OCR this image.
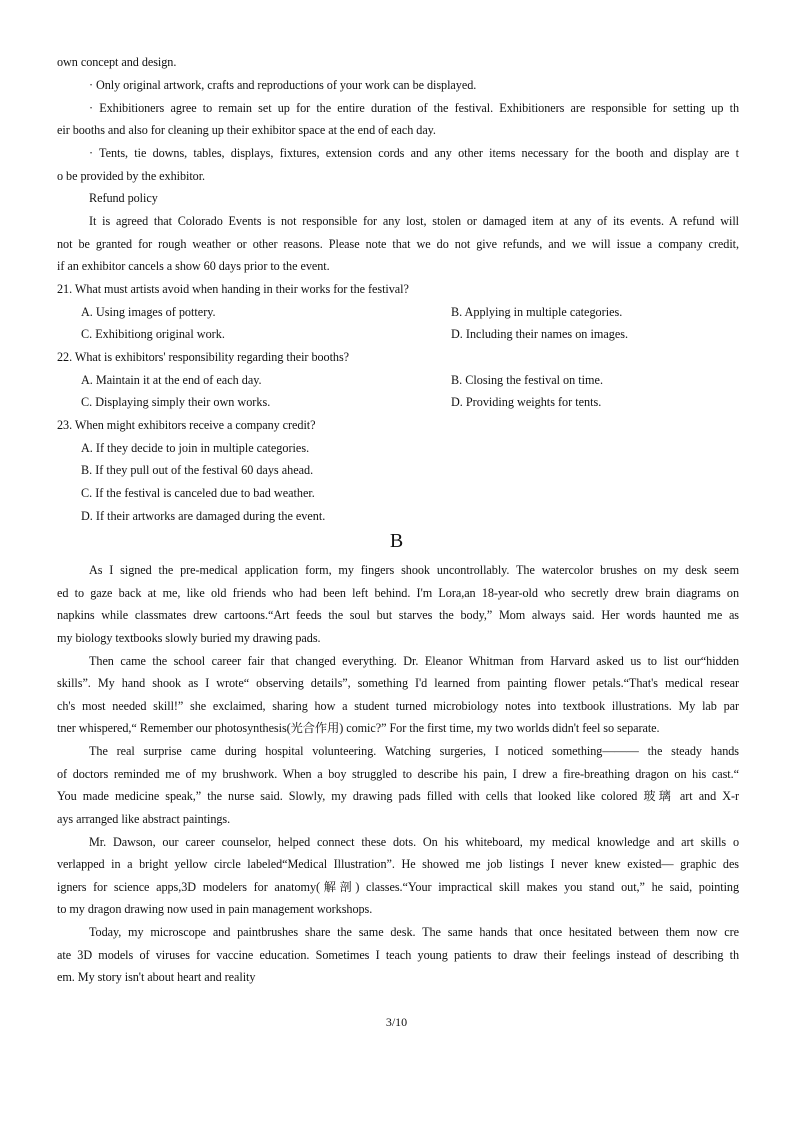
own concept and design.
· Only original artwork, crafts and reproductions of your work can be displayed.
· Exhibitioners agree to remain set up for the entire duration of the festival. Exhibitioners are responsible for setting up th
eir booths and also for cleaning up their exhibitor space at the end of each day.
· Tents, tie downs, tables, displays, fixtures, extension cords and any other items necessary for the booth and display are t
o be provided by the exhibitor.
Refund policy
It is agreed that Colorado Events is not responsible for any lost, stolen or damaged item at any of its events. A refund will
not be granted for rough weather or other reasons. Please note that we do not give refunds, and we will issue a company credit,
if an exhibitor cancels a show 60 days prior to the event.
21. What must artists avoid when handing in their works for the festival?
A. Using images of pottery.	B. Applying in multiple categories.
C. Exhibitiong original work.	D. Including their names on images.
22. What is exhibitors' responsibility regarding their booths?
A. Maintain it at the end of each day.	B. Closing the festival on time.
C. Displaying simply their own works.	D. Providing weights for tents.
23. When might exhibitors receive a company credit?
A. If they decide to join in multiple categories.
B. If they pull out of the festival 60 days ahead.
C. If the festival is canceled due to bad weather.
D. If their artworks are damaged during the event.
B
As I signed the pre-medical application form, my fingers shook uncontrollably. The watercolor brushes on my desk seem
ed to gaze back at me, like old friends who had been left behind. I'm Lora,an 18-year-old who secretly drew brain diagrams on
napkins while classmates drew cartoons.“Art feeds the soul but starves the body,” Mom always said. Her words haunted me as
my biology textbooks slowly buried my drawing pads.
Then came the school career fair that changed everything. Dr. Eleanor Whitman from Harvard asked us to list our“hidden
skills”. My hand shook as I wrote“ observing details”, something I'd learned from painting flower petals.“That's medical resear
ch's most needed skill!” she exclaimed, sharing how a student turned microbiology notes into textbook illustrations. My lab par
tner whispered,“ Remember our photosynthesis(光合作用) comic?” For the first time, my two worlds didn't feel so separate.
The real surprise came during hospital volunteering. Watching surgeries, I noticed something——— the steady hands
of doctors reminded me of my brushwork. When a boy struggled to describe his pain, I drew a fire-breathing dragon on his cast.“
You made medicine speak,” the nurse said. Slowly, my drawing pads filled with cells that looked like colored 玻璃 art and X-r
ays arranged like abstract paintings.
Mr. Dawson, our career counselor, helped connect these dots. On his whiteboard, my medical knowledge and art skills o
verlapped in a bright yellow circle labeled“Medical Illustration”. He showed me job listings I never knew existed— graphic des
igners for science apps,3D modelers for anatomy(解剖) classes.“Your impractical skill makes you stand out,” he said, pointing
to my dragon drawing now used in pain management workshops.
Today, my microscope and paintbrushes share the same desk. The same hands that once hesitated between them now cre
ate 3D models of viruses for vaccine education. Sometimes I teach young patients to draw their feelings instead of describing th
em. My story isn't about heart and reality
3/10
